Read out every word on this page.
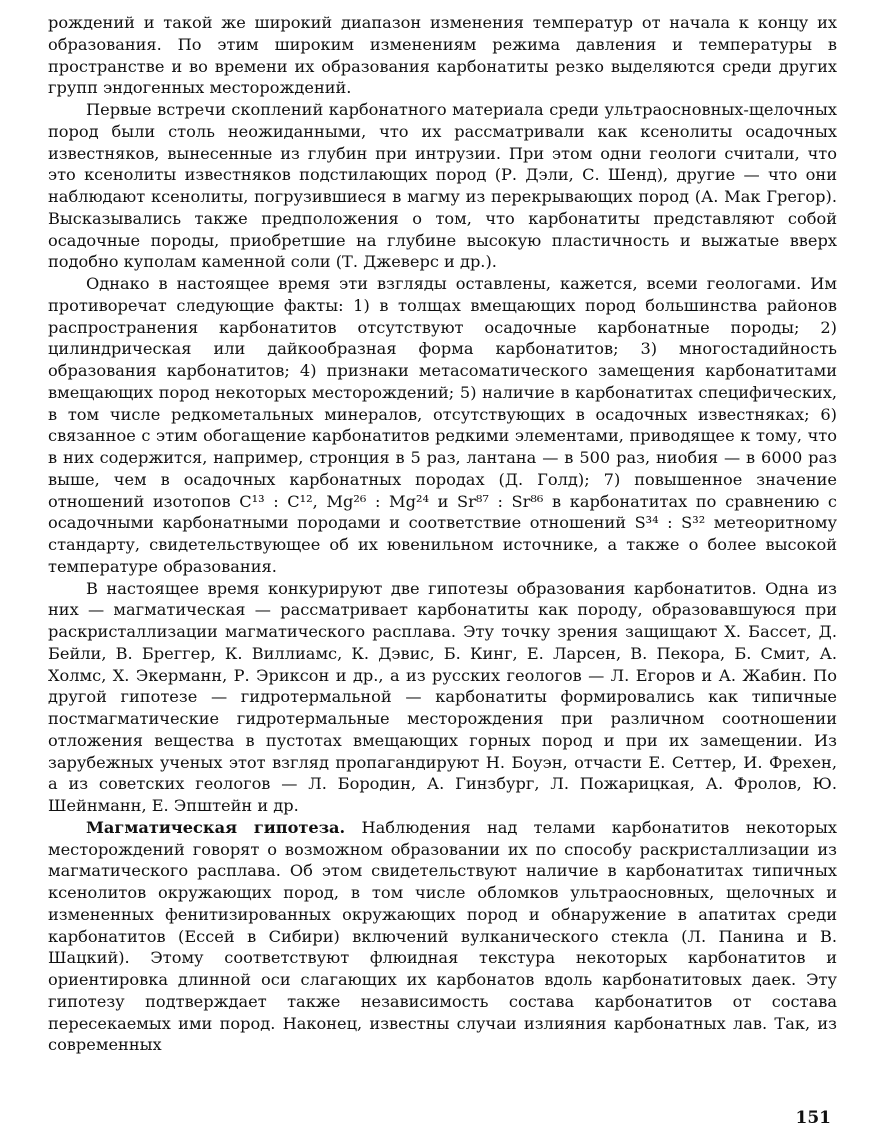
рождений и такой же широкий диапазон изменения температур от начала к концу их образования. По этим широким изменениям режима давления и температуры в пространстве и во времени их образования карбонатиты резко выделяются среди других групп эндогенных месторождений.

Первые встречи скоплений карбонатного материала среди ультраосновных-щелочных пород были столь неожиданными, что их рассматривали как ксенолиты осадочных известняков, вынесенные из глубин при интрузии. При этом одни геологи считали, что это ксенолиты известняков подстилающих пород (Р. Дэли, С. Шенд), другие — что они наблюдают ксенолиты, погрузившиеся в магму из перекрывающих пород (А. Мак Грегор). Высказывались также предположения о том, что карбонатиты представляют собой осадочные породы, приобретшие на глубине высокую пластичность и выжатые вверх подобно куполам каменной соли (Т. Джеверс и др.).

Однако в настоящее время эти взгляды оставлены, кажется, всеми геологами. Им противоречат следующие факты: 1) в толщах вмещающих пород большинства районов распространения карбонатитов отсутствуют осадочные карбонатные породы; 2) цилиндрическая или дайкообразная форма карбонатитов; 3) многостадийность образования карбонатитов; 4) признаки метасоматического замещения карбонатитами вмещающих пород некоторых месторождений; 5) наличие в карбонатитах специфических, в том числе редкометальных минералов, отсутствующих в осадочных известняках; 6) связанное с этим обогащение карбонатитов редкими элементами, приводящее к тому, что в них содержится, например, стронция в 5 раз, лантана — в 500 раз, ниобия — в 6000 раз выше, чем в осадочных карбонатных породах (Д. Голд); 7) повышенное значение отношений изотопов C¹³ : C¹², Mg²⁶ : Mg²⁴ и Sr⁸⁷ : Sr⁸⁶ в карбонатитах по сравнению с осадочными карбонатными породами и соответствие отношений S³⁴ : S³² метеоритному стандарту, свидетельствующее об их ювенильном источнике, а также о более высокой температуре образования.

В настоящее время конкурируют две гипотезы образования карбонатитов. Одна из них — магматическая — рассматривает карбонатиты как породу, образовавшуюся при раскристаллизации магматического расплава. Эту точку зрения защищают Х. Бассет, Д. Бейли, В. Бреггер, К. Виллиамс, К. Дэвис, Б. Кинг, Е. Ларсен, В. Пекора, Б. Смит, А. Холмс, Х. Экерманн, Р. Эриксон и др., а из русских геологов — Л. Егоров и А. Жабин. По другой гипотезе — гидротермальной — карбонатиты формировались как типичные постмагматические гидротермальные месторождения при различном соотношении отложения вещества в пустотах вмещающих горных пород и при их замещении. Из зарубежных ученых этот взгляд пропагандируют Н. Боуэн, отчасти Е. Сеттер, И. Фрехен, а из советских геологов — Л. Бородин, А. Гинзбург, Л. Пожарицкая, А. Фролов, Ю. Шейнманн, Е. Эпштейн и др.

Магматическая гипотеза. Наблюдения над телами карбонатитов некоторых месторождений говорят о возможном образовании их по способу раскристаллизации из магматического расплава. Об этом свидетельствуют наличие в карбонатитах типичных ксенолитов окружающих пород, в том числе обломков ультраосновных, щелочных и измененных фенитизированных окружающих пород и обнаружение в апатитах среди карбонатитов (Ессей в Сибири) включений вулканического стекла (Л. Панина и В. Шацкий). Этому соответствуют флюидная текстура некоторых карбонатитов и ориентировка длинной оси слагающих их карбонатов вдоль карбонатитовых даек. Эту гипотезу подтверждает также независимость состава карбонатитов от состава пересекаемых ими пород. Наконец, известны случаи излияния карбонатных лав. Так, из современных

151
